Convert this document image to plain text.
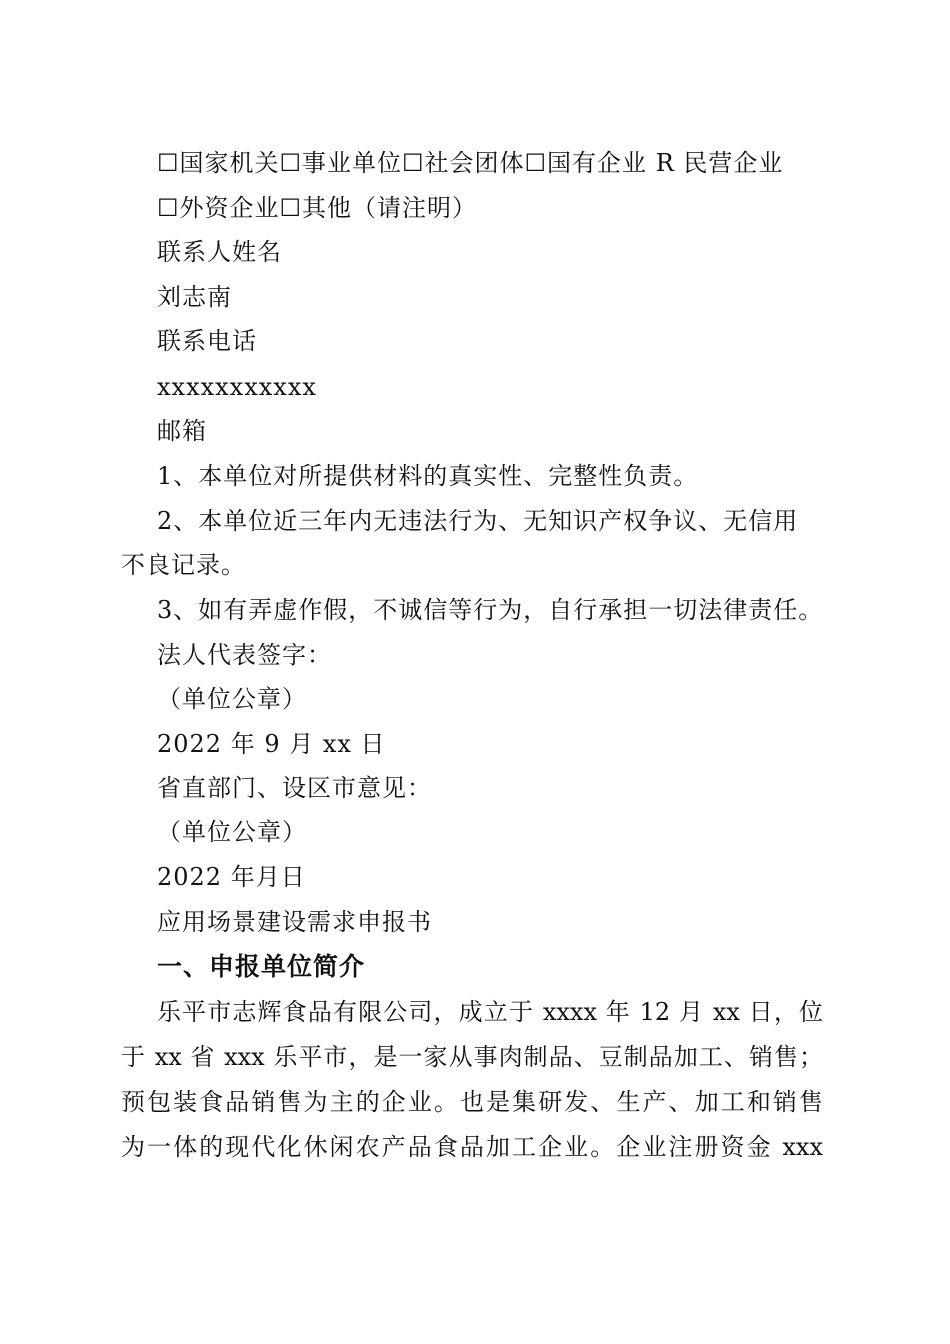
☐国家机关☐事业单位☐社会团体☐国有企业 R 民营企业
☐外资企业☐其他（请注明）
联系人姓名
刘志南
联系电话
xxxxxxxxxxx
邮箱
1、本单位对所提供材料的真实性、完整性负责。
2、本单位近三年内无违法行为、无知识产权争议、无信用
不良记录。
3、如有弄虚作假，不诚信等行为，自行承担一切法律责任。
法人代表签字：
（单位公章）
2022 年 9 月 xx 日
省直部门、设区市意见：
（单位公章）
2022 年月日
应用场景建设需求申报书
一、申报单位简介
乐平市志辉食品有限公司，成立于 xxxx 年 12 月 xx 日，位
于 xx 省 xxx 乐平市，是一家从事肉制品、豆制品加工、销售；
预包装食品销售为主的企业。也是集研发、生产、加工和销售
为一体的现代化休闲农产品食品加工企业。企业注册资金 xxx
